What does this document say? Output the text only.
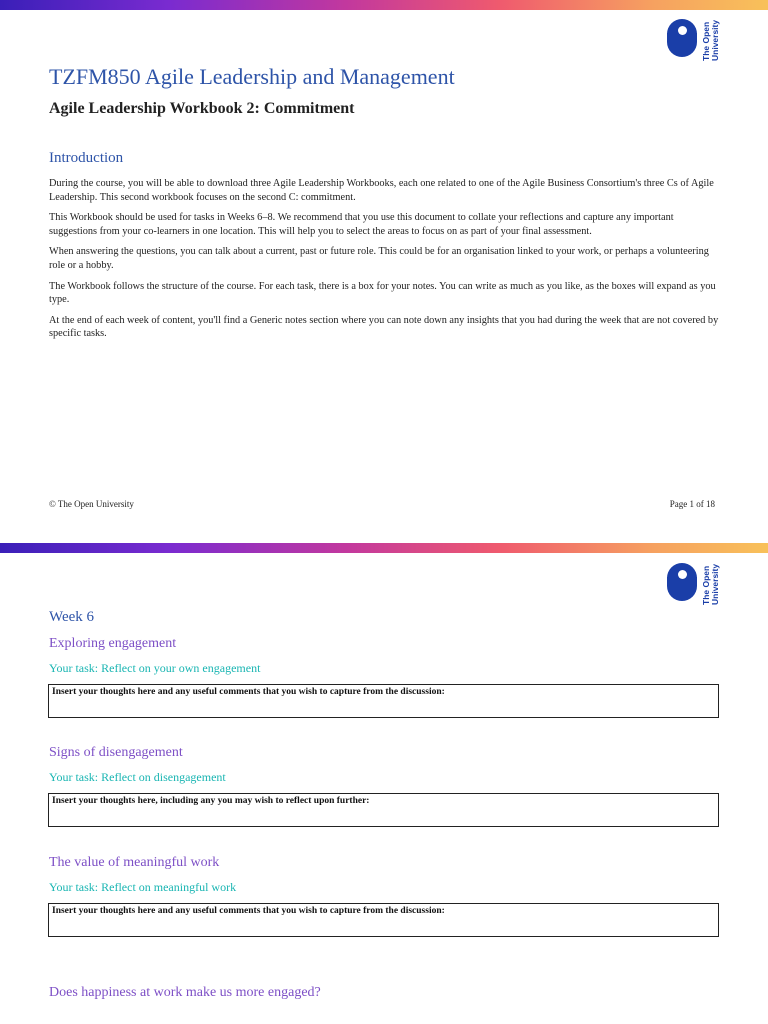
The Open University
TZFM850 Agile Leadership and Management
Agile Leadership Workbook 2: Commitment
Introduction

During the course, you will be able to download three Agile Leadership Workbooks, each one related to one of the Agile Business Consortium's three Cs of Agile Leadership. This second workbook focuses on the second C: commitment.

This Workbook should be used for tasks in Weeks 6–8. We recommend that you use this document to collate your reflections and capture any important suggestions from your co-learners in one location. This will help you to select the areas to focus on as part of your final assessment.

When answering the questions, you can talk about a current, past or future role. This could be for an organisation linked to your work, or perhaps a volunteering role or a hobby.

The Workbook follows the structure of the course. For each task, there is a box for your notes. You can write as much as you like, as the boxes will expand as you type.

At the end of each week of content, you'll find a Generic notes section where you can note down any insights that you had during the week that are not covered by specific tasks.

© The Open University	Page 1 of 18
The Open University
Week 6
Exploring engagement
Your task: Reflect on your own engagement
Insert your thoughts here and any useful comments that you wish to capture from the discussion:
Signs of disengagement
Your task: Reflect on disengagement
Insert your thoughts here, including any you may wish to reflect upon further:
The value of meaningful work
Your task: Reflect on meaningful work
Insert your thoughts here and any useful comments that you wish to capture from the discussion:
Does happiness at work make us more engaged?
